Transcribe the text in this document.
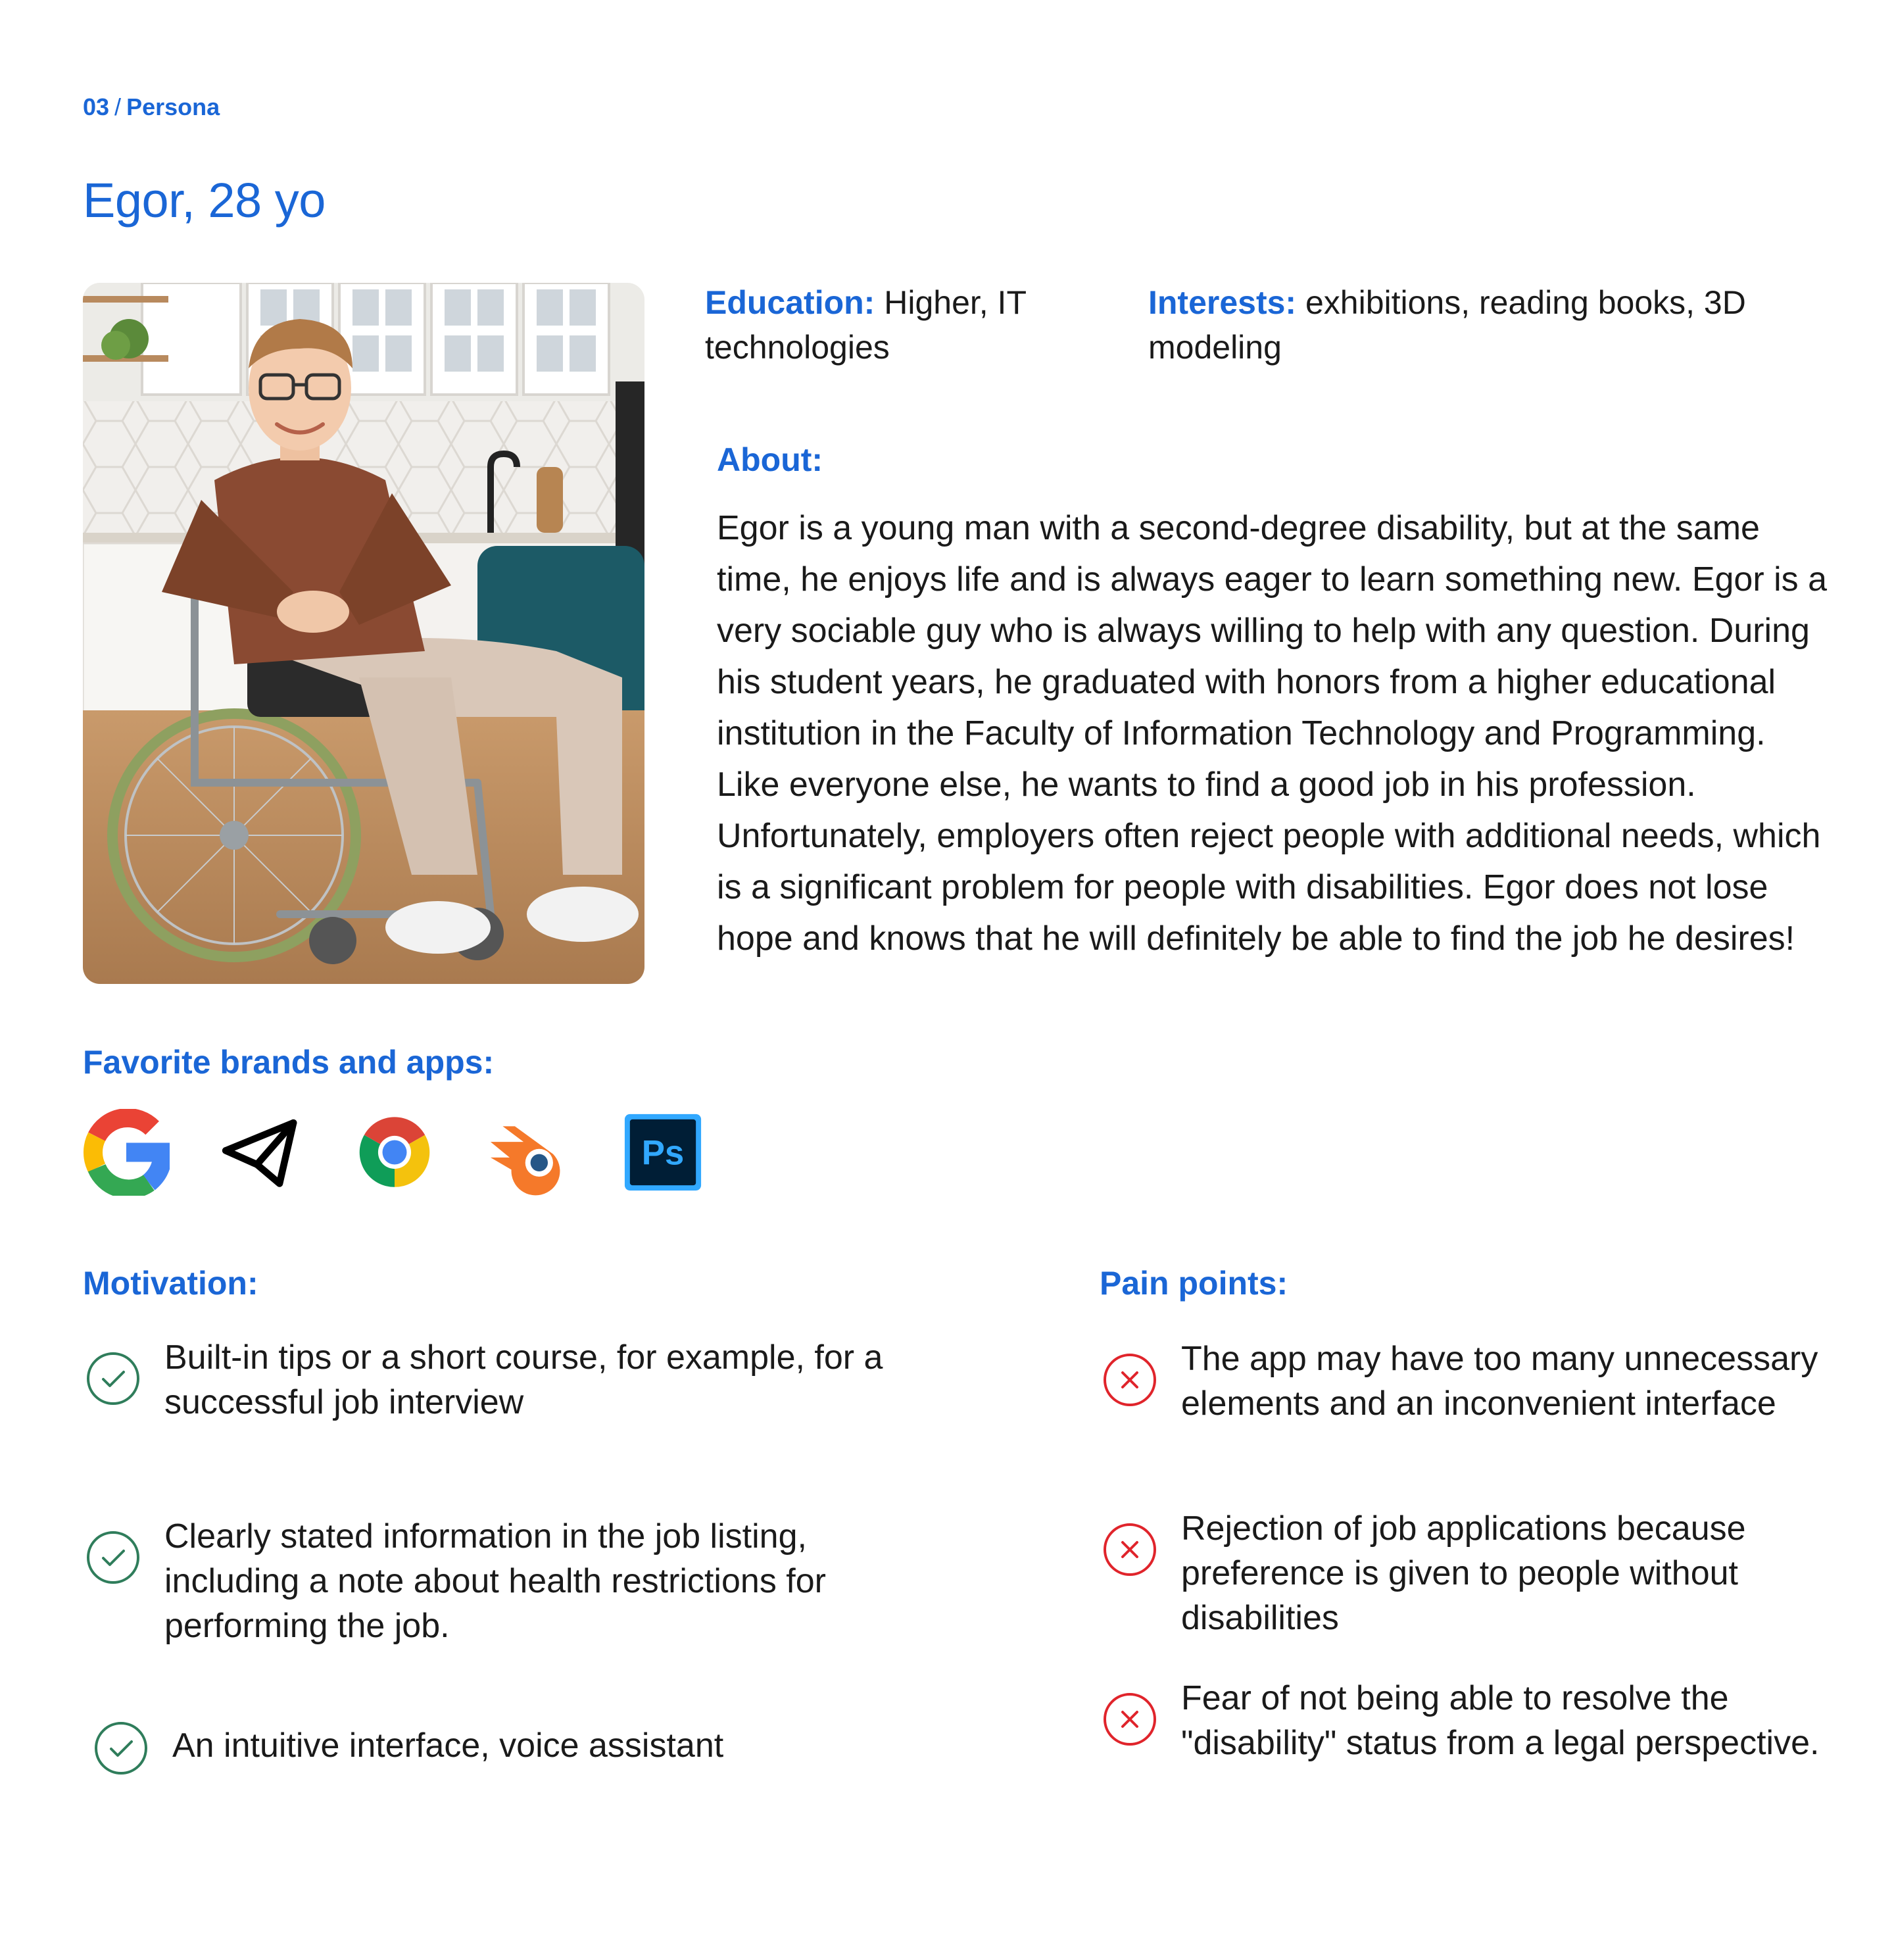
03 / Persona
Egor, 28 yo
Education: Higher, IT technologies
Interests: exhibitions, reading books, 3D modeling
About:

Egor is a young man with a second-degree disability, but at the same time, he enjoys life and is always eager to learn something new. Egor is a very sociable guy who is always willing to help with any question. During his student years, he graduated with honors from a higher educational institution in the Faculty of Information Technology and Programming. Like everyone else, he wants to find a good job in his profession. Unfortunately, employers often reject people with additional needs, which is a significant problem for people with disabilities. Egor does not lose hope and knows that he will definitely be able to find the job he desires!

Favorite brands and apps:
Ps
Motivation:	Pain points:
Built-in tips or a short course, for example, for a successful job interview
Clearly stated information in the job listing, including a note about health restrictions for performing the job.
An intuitive interface, voice assistant
The app may have too many unnecessary elements and an inconvenient interface
Rejection of job applications because preference is given to people without disabilities
Fear of not being able to resolve the "disability" status from a legal perspective.
